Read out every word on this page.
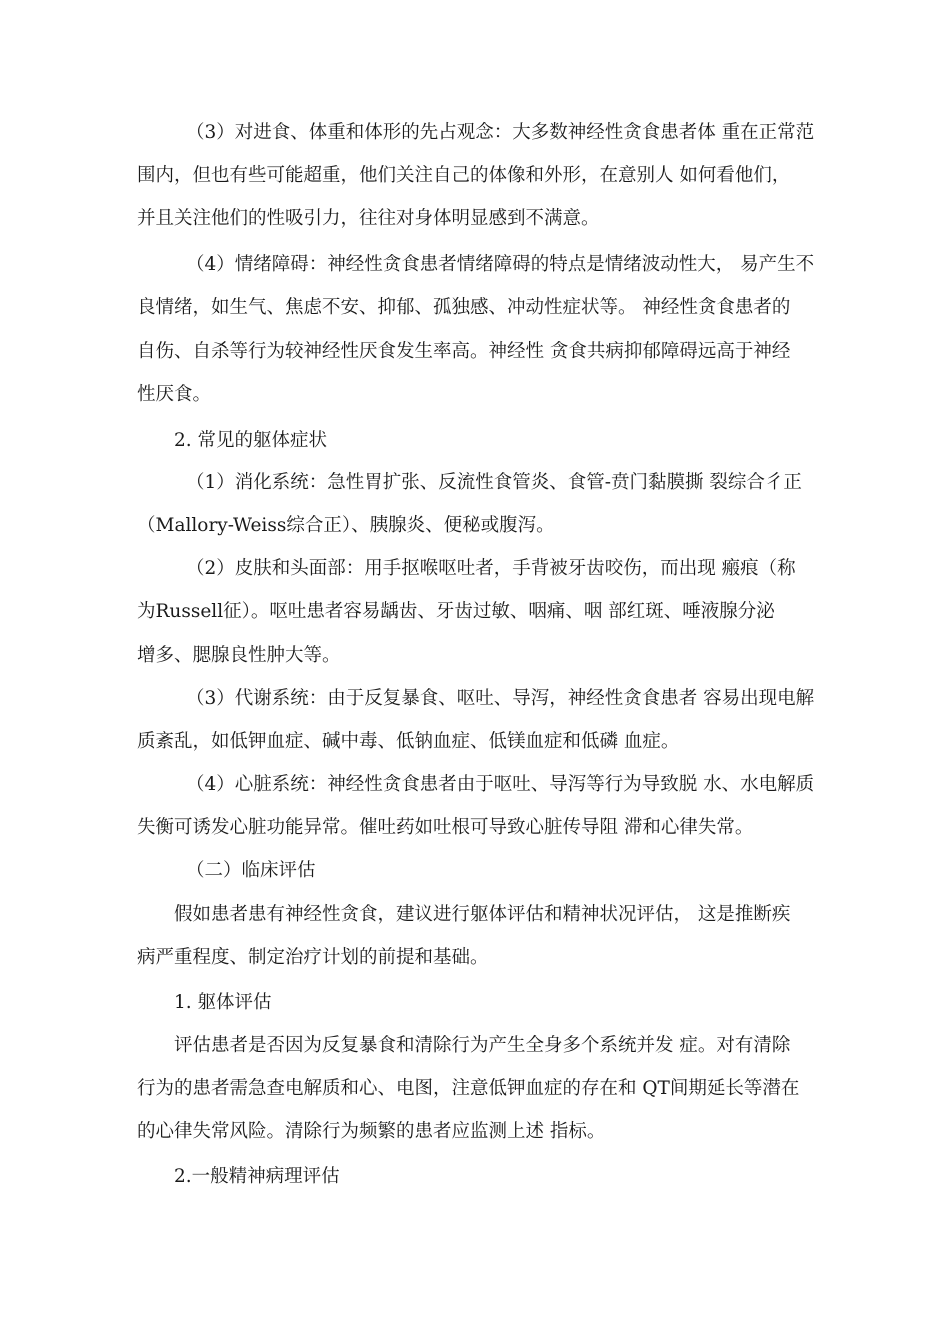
（3）对进食、体重和体形的先占观念：大多数神经性贪食患者体 重在正常范
围内，但也有些可能超重，他们关注自己的体像和外形，在意别人 如何看他们，
并且关注他们的性吸引力，往往对身体明显感到不满意。
（4）情绪障碍：神经性贪食患者情绪障碍的特点是情绪波动性大， 易产生不
良情绪，如生气、焦虑不安、抑郁、孤独感、冲动性症状等。 神经性贪食患者的
自伤、自杀等行为较神经性厌食发生率高。神经性 贪食共病抑郁障碍远高于神经
性厌食。
2. 常见的躯体症状
（1）消化系统：急性胃扩张、反流性食管炎、食管-贲门黏膜撕 裂综合彳正
（Mallory-Weiss综合正）、胰腺炎、便秘或腹泻。
（2）皮肤和头面部：用手抠喉呕吐者，手背被牙齿咬伤，而出现 瘢痕（称
为Russell征）。呕吐患者容易龋齿、牙齿过敏、咽痛、咽 部红斑、唾液腺分泌
增多、腮腺良性肿大等。
（3）代谢系统：由于反复暴食、呕吐、导泻，神经性贪食患者 容易出现电解
质紊乱，如低钾血症、碱中毒、低钠血症、低镁血症和低磷 血症。
（4）心脏系统：神经性贪食患者由于呕吐、导泻等行为导致脱 水、水电解质
失衡可诱发心脏功能异常。催吐药如吐根可导致心脏传导阻 滞和心律失常。
（二）临床评估
假如患者患有神经性贪食，建议进行躯体评估和精神状况评估， 这是推断疾
病严重程度、制定治疗计划的前提和基础。
1. 躯体评估
评估患者是否因为反复暴食和清除行为产生全身多个系统并发 症。对有清除
行为的患者需急查电解质和心、电图，注意低钾血症的存在和 QT间期延长等潜在
的心律失常风险。清除行为频繁的患者应监测上述 指标。
2.一般精神病理评估
